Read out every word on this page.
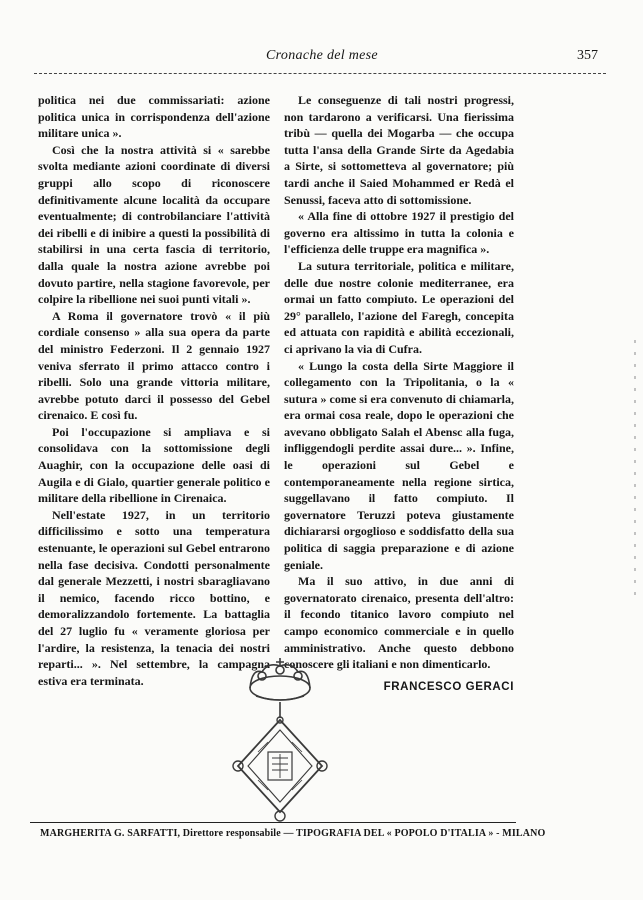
Cronache del mese	357

politica nei due commissariati: azione politica unica in corrispondenza dell'azione militare unica ».

Così che la nostra attività si « sarebbe svolta mediante azioni coordinate di diversi gruppi allo scopo di riconoscere definitivamente alcune località da occupare eventualmente; di controbilanciare l'attività dei ribelli e di inibire a questi la possibilità di stabilirsi in una certa fascia di territorio, dalla quale la nostra azione avrebbe poi dovuto partire, nella stagione favorevole, per colpire la ribellione nei suoi punti vitali ».

A Roma il governatore trovò « il più cordiale consenso » alla sua opera da parte del ministro Federzoni. Il 2 gennaio 1927 veniva sferrato il primo attacco contro i ribelli. Solo una grande vittoria militare, avrebbe potuto darci il possesso del Gebel cirenaico. E così fu.

Poi l'occupazione si ampliava e si consolidava con la sottomissione degli Auaghir, con la occupazione delle oasi di Augila e di Gialo, quartier generale politico e militare della ribellione in Cirenaica.

Nell'estate 1927, in un territorio difficilissimo e sotto una temperatura estenuante, le operazioni sul Gebel entrarono nella fase decisiva. Condotti personalmente dal generale Mezzetti, i nostri sbaragliavano il nemico, facendo ricco bottino, e demoralizzandolo fortemente. La battaglia del 27 luglio fu « veramente gloriosa per l'ardire, la resistenza, la tenacia dei nostri reparti... ». Nel settembre, la campagna estiva era terminata.

Le conseguenze di tali nostri progressi, non tardarono a verificarsi. Una fierissima tribù — quella dei Mogarba — che occupa tutta l'ansa della Grande Sirte da Agedabia a Sirte, si sottometteva al governatore; più tardi anche il Saied Mohammed er Redà el Senussi, faceva atto di sottomissione.

« Alla fine di ottobre 1927 il prestigio del governo era altissimo in tutta la colonia e l'efficienza delle truppe era magnifica ».

La sutura territoriale, politica e militare, delle due nostre colonie mediterranee, era ormai un fatto compiuto. Le operazioni del 29° parallelo, l'azione del Faregh, concepita ed attuata con rapidità e abilità eccezionali, ci aprivano la via di Cufra.

« Lungo la costa della Sirte Maggiore il collegamento con la Tripolitania, o la « sutura » come si era convenuto di chiamarla, era ormai cosa reale, dopo le operazioni che avevano obbligato Salah el Abensc alla fuga, infliggendogli perdite assai dure... ». Infine, le operazioni sul Gebel e contemporaneamente nella regione sirtica, suggellavano il fatto compiuto. Il governatore Teruzzi poteva giustamente dichiararsi orgoglioso e soddisfatto della sua politica di saggia preparazione e di azione geniale.

Ma il suo attivo, in due anni di governatorato cirenaico, presenta dell'altro: il fecondo titanico lavoro compiuto nel campo economico commerciale e in quello amministrativo. Anche questo debbono conoscere gli italiani e non dimenticarlo.

FRANCESCO GERACI
MARGHERITA G. SARFATTI, Direttore responsabile — TIPOGRAFIA DEL « POPOLO D'ITALIA » - MILANO
